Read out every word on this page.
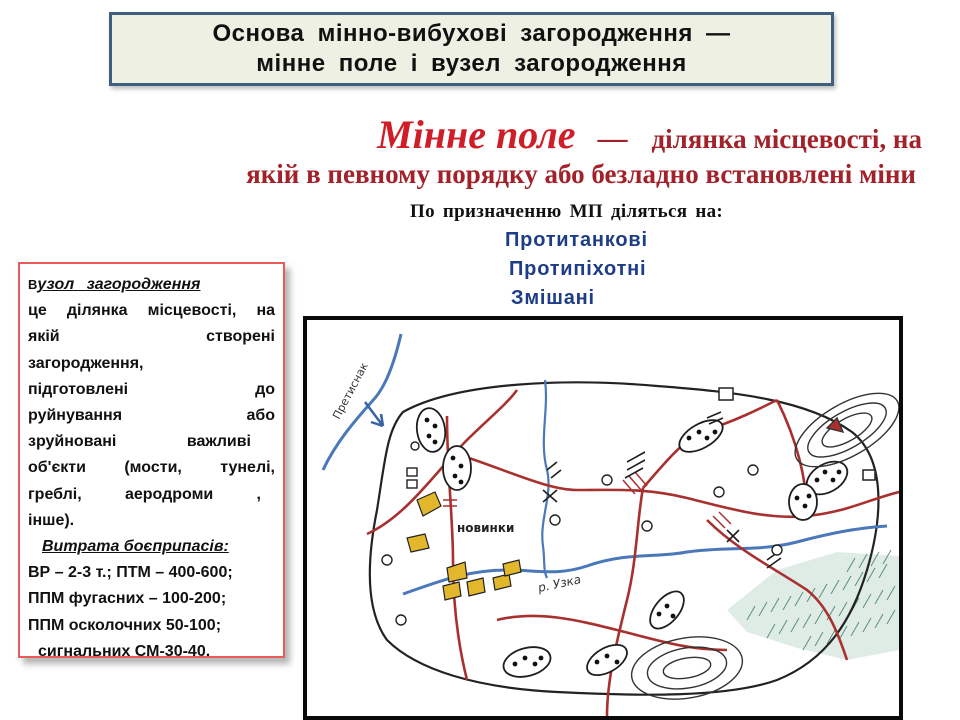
Основа мінно-вибухові загородження —
мінне поле і вузел загородження
Мінне поле — ділянка місцевості, на
якій в певному порядку або безладно встановлені міни
По призначенню МП діляться на:
Протитанкові
Протипіхотні
Змішані
Вузол загородження
це ділянка місцевості, на
якій створені
загородження,
підготовлені до
руйнування або
зруйновані важливі
об'єкти (мости, тунелі,
греблі, аеродроми ,
інше).
Витрата боєприпасів:
ВР – 2-3 т.; ПТМ – 400-600;
ППМ фугасних – 100-200;
ППМ осколочних 50-100;
сигнальних СМ-30-40.
Претиснак
р. Узка
новинки
